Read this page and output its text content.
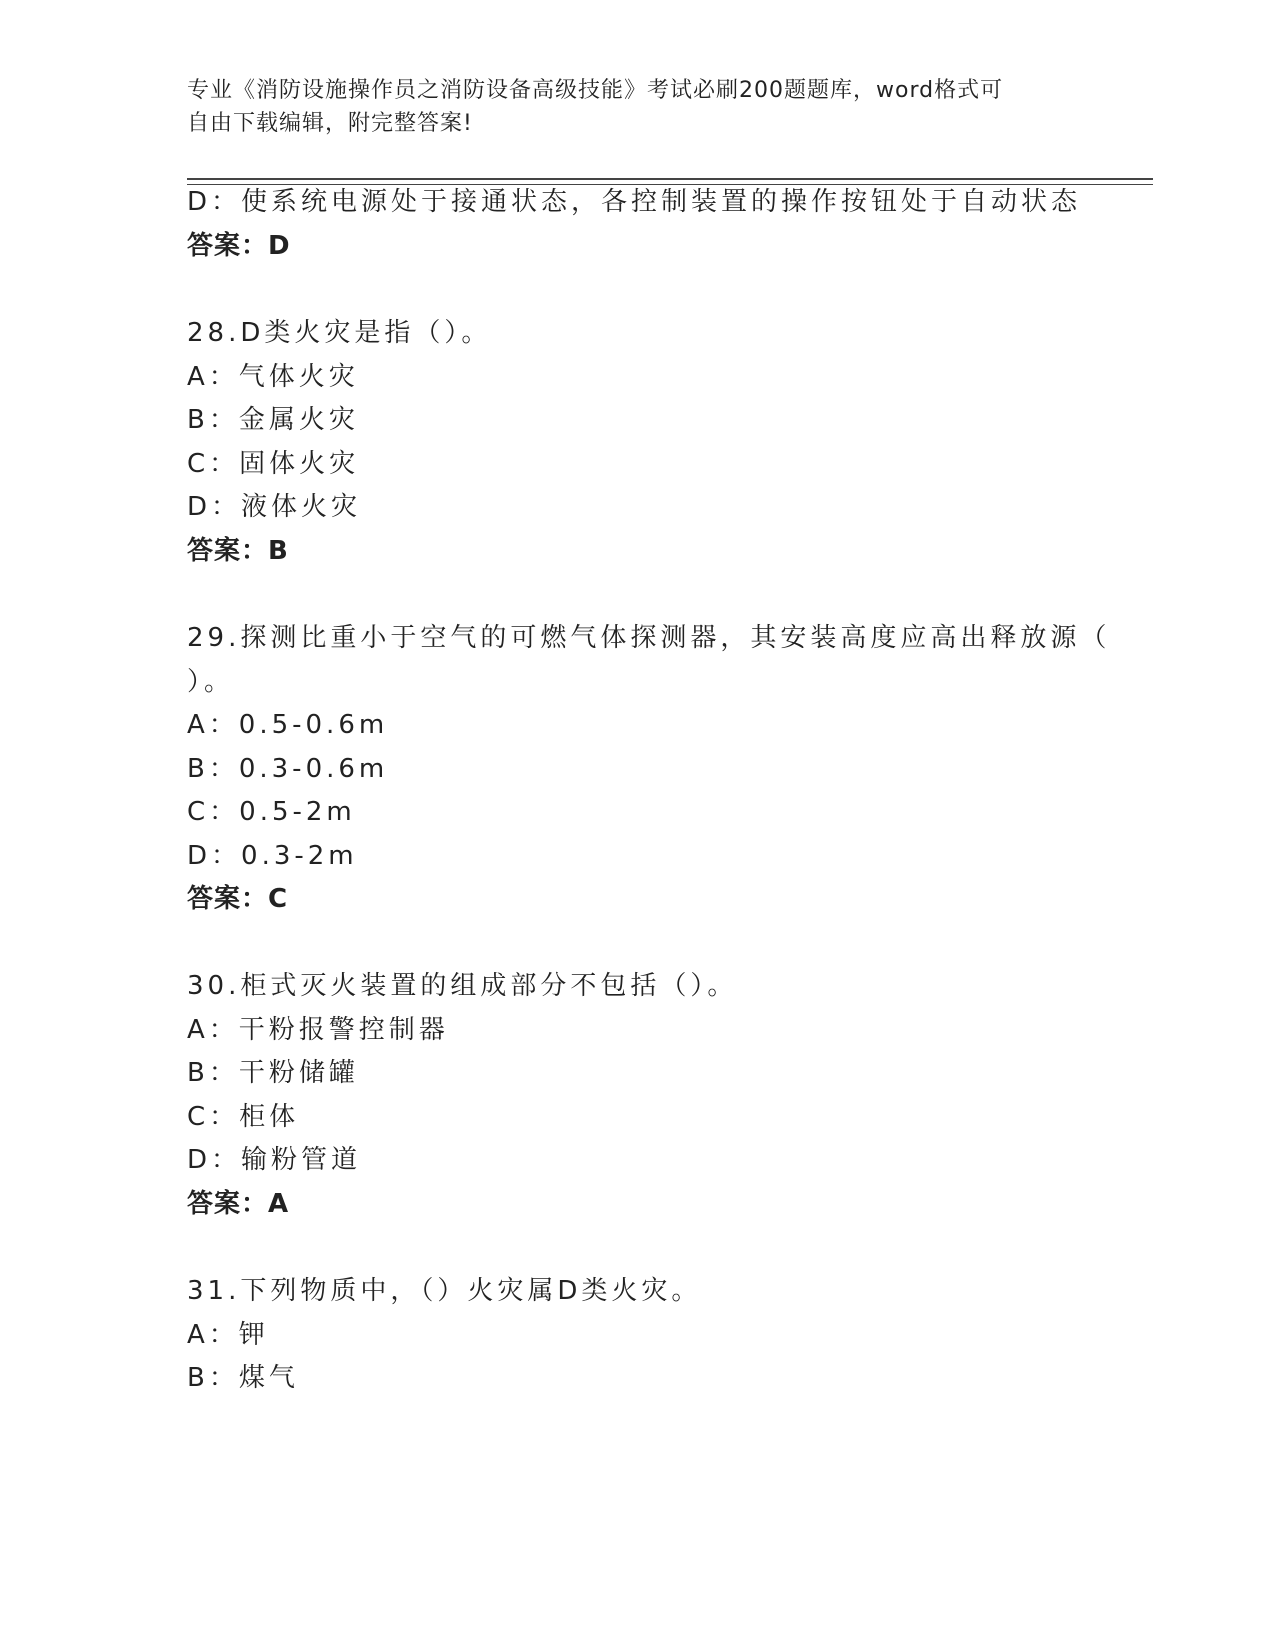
专业《消防设施操作员之消防设备高级技能》考试必刷200题题库，word格式可
自由下载编辑，附完整答案!
D：使系统电源处于接通状态，各控制装置的操作按钮处于自动状态
答案：D
28.D类火灾是指（）。
A：气体火灾
B：金属火灾
C：固体火灾
D：液体火灾
答案：B
29.探测比重小于空气的可燃气体探测器，其安装高度应高出释放源（
）。
A：0.5-0.6m
B：0.3-0.6m
C：0.5-2m
D：0.3-2m
答案：C
30.柜式灭火装置的组成部分不包括（）。
A：干粉报警控制器
B：干粉储罐
C：柜体
D：输粉管道
答案：A
31.下列物质中，（）火灾属D类火灾。
A：钾
B：煤气
